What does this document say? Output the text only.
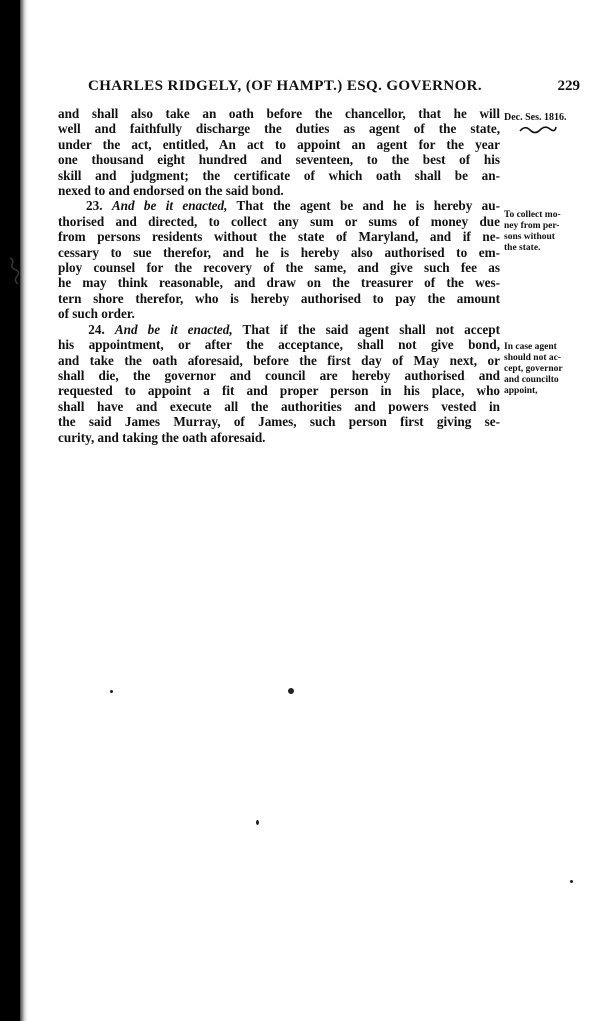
CHARLES RIDGELY, (OF HAMPT.) ESQ. GOVERNOR.	229
Dec. Ses. 1816.
To collect mo-
ney from per-
sons without
the state.
In case agent
should not ac-
cept, governor
and councilto
appoint,

and shall also take an oath before the chancellor, that he will
well and faithfully discharge the duties as agent of the state,
under the act, entitled, An act to appoint an agent for the year
one thousand eight hundred and seventeen, to the best of his
skill and judgment; the certificate of which oath shall be an-
nexed to and endorsed on the said bond.

23. And be it enacted, That the agent be and he is hereby au-
thorised and directed, to collect any sum or sums of money due
from persons residents without the state of Maryland, and if ne-
cessary to sue therefor, and he is hereby also authorised to em-
ploy counsel for the recovery of the same, and give such fee as
he may think reasonable, and draw on the treasurer of the wes-
tern shore therefor, who is hereby authorised to pay the amount
of such order.

24. And be it enacted, That if the said agent shall not accept
his appointment, or after the acceptance, shall not give bond,
and take the oath aforesaid, before the first day of May next, or
shall die, the governor and council are hereby authorised and
requested to appoint a fit and proper person in his place, who
shall have and execute all the authorities and powers vested in
the said James Murray, of James, such person first giving se-
curity, and taking the oath aforesaid.
